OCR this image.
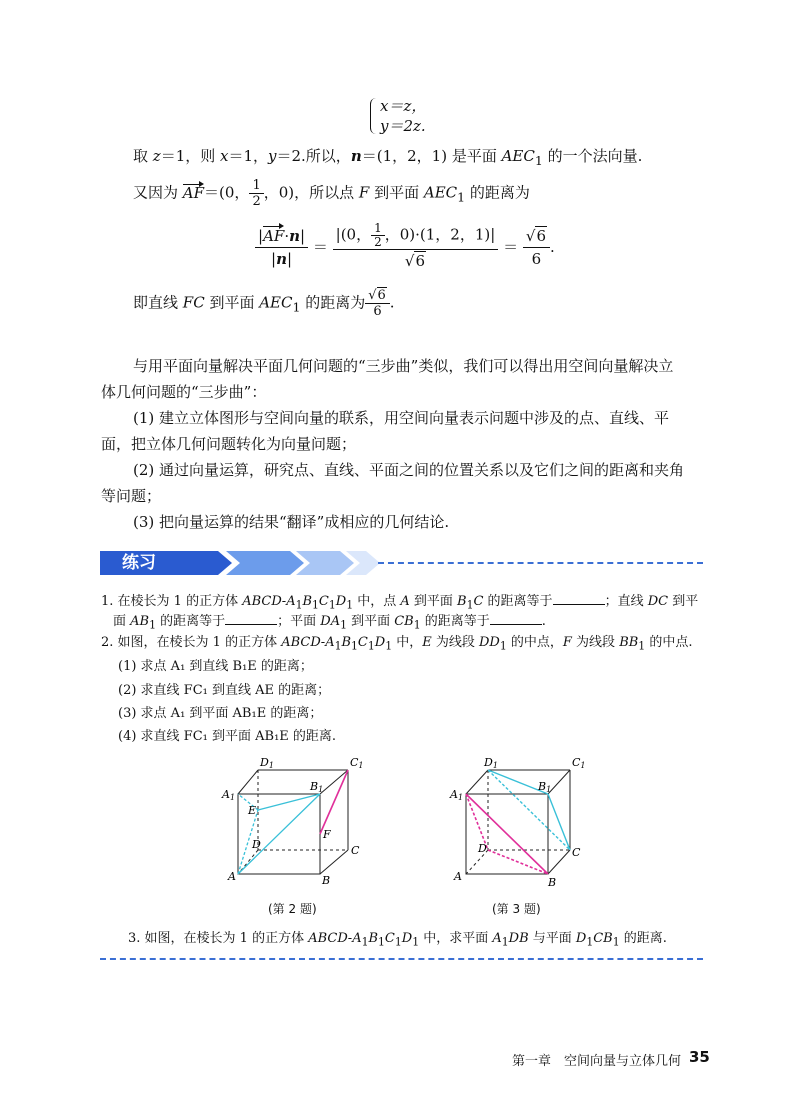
x＝z，
y＝2z.
取 z＝1，则 x＝1，y＝2.所以，n＝(1，2，1) 是平面 $AEC_1$ 的一个法向量.
又因为 AF＝(0， $\frac{1}{2}$ ，0)，所以点 F 到平面 $AEC_1$ 的距离为
$\frac{|AF\cdot n|}{|n|} = \frac{|(0, \frac{1}{2} ,0)\cdot(1,2,1)|}{√6} = \frac{√6}{6}$ .
即直线 FC 到平面 $AEC_1$ 的距离为 $\frac{√6}{6}$ .
与用平面向量解决平面几何问题的“三步曲”类似，我们可以得出用空间向量解决立
体几何问题的“三步曲”：
(1) 建立立体图形与空间向量的联系，用空间向量表示问题中涉及的点、直线、平
面，把立体几何问题转化为向量问题；
(2) 通过向量运算，研究点、直线、平面之间的位置关系以及它们之间的距离和夹角
等问题；
(3) 把向量运算的结果“翻译”成相应的几何结论.
练习
1. 在棱长为 1 的正方体 ABCD-$A_1B_1C_1D_1$ 中，点 A 到平面 $B_1C$ 的距离等于	；直线 DC 到平
面 $AB_1$ 的距离等于	；平面 $DA_1$ 到平面 $CB_1$ 的距离等于	.
2. 如图，在棱长为 1 的正方体 ABCD-$A_1B_1C_1D_1$ 中，E 为线段 $DD_1$ 的中点，F 为线段 $BB_1$ 的中点.
(1) 求点 A₁ 到直线 B₁E 的距离；
(2) 求直线 FC₁ 到直线 AE 的距离；
(3) 求点 A₁ 到平面 AB₁E 的距离；
(4) 求直线 FC₁ 到平面 AB₁E 的距离.
D1	C1
A1
B1
E
F
D	C
A	B
(第 2 题)
D1	C1
A1
B1
D	C
A	B
(第 3 题)
3. 如图，在棱长为 1 的正方体 ABCD-$A_1B_1C_1D_1$ 中，求平面 $A_1DB$ 与平面 $D_1CB_1$ 的距离.
第一章　空间向量与立体几何 35
